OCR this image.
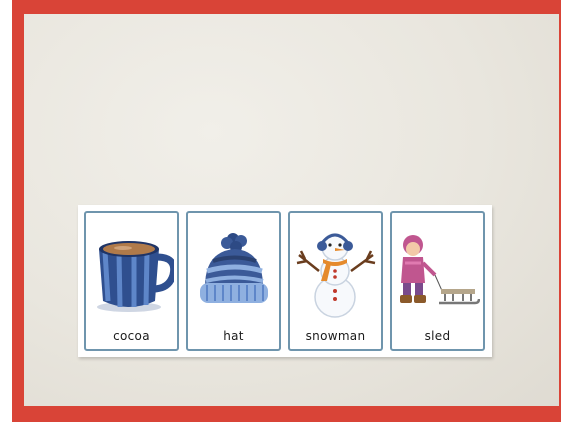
cocoa	hat	snowman	sled
